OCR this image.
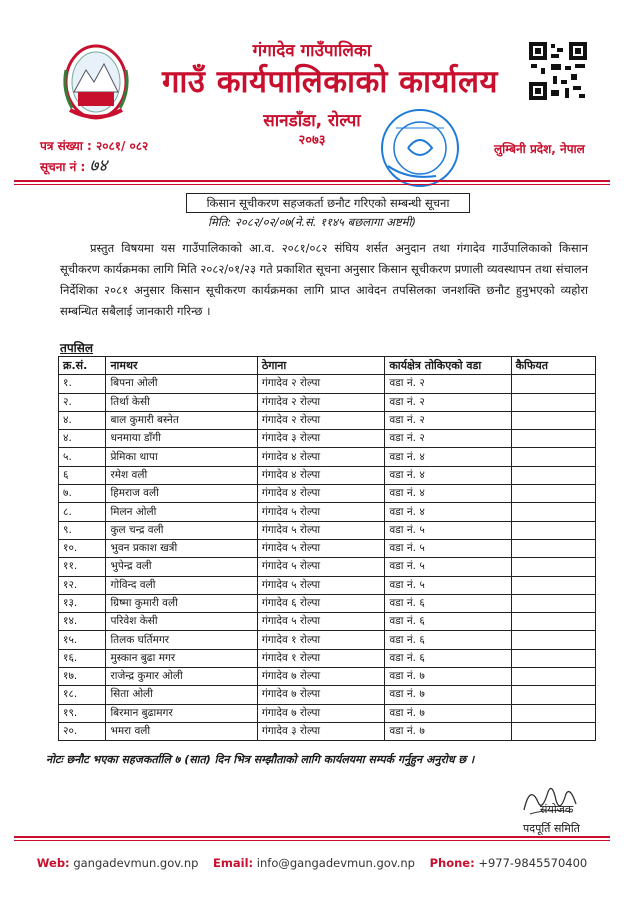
गंगादेव गाउँपालिका
गाउँ कार्यपालिकाको कार्यालय
सानडाँडा, रोल्पा
२०७३
पत्र संख्या : २०८१/ ०८२
सूचना नं : ७४
लुम्बिनी प्रदेश, नेपाल
किसान सूचीकरण सहजकर्ता छनौट गरिएको सम्बन्धी सूचना
मिति: २०८२/०२/०७(ने.सं. ११४५ बछलागा अष्टमी)
प्रस्तुत विषयमा यस गाउँपालिकाको आ.व. २०८१/०८२ संघिय शर्सत अनुदान तथा गंगादेव गाउँपालिकाको किसान सूचीकरण कार्यक्रमका लागि मिति २०८२/०१/२३ गते प्रकाशित सूचना अनुसार किसान सूचीकरण प्रणाली व्यवस्थापन तथा संचालन निर्देशिका २०८१ अनुसार किसान सूचीकरण कार्यक्रमका लागि प्राप्त आवेदन तपसिलका जनशक्ति छनौट हुनुभएको व्यहोरा सम्बन्धित सबैलाई जानकारी गरिन्छ ।
तपसिल
क्र.सं.	नामथर	ठेगाना	कार्यक्षेत्र तोकिएको वडा	कैफियत
१.	बिपना ओली	गंगादेव २ रोल्पा	वडा नं. २	
२.	तिर्था केसी	गंगादेव २ रोल्पा	वडा नं. २	
४.	बाल कुमारी बस्नेत	गंगादेव २ रोल्पा	वडा नं. २	
४.	धनमाया डाँगी	गंगादेव ३ रोल्पा	वडा नं. २	
५.	प्रेमिका थापा	गंगादेव ४ रोल्पा	वडा नं. ४	
६	रमेश वली	गंगादेव ४ रोल्पा	वडा नं. ४	
७.	हिमराज वली	गंगादेव ४ रोल्पा	वडा नं. ४	
८.	मिलन ओली	गंगादेव ५ रोल्पा	वडा नं. ४	
९.	कुल चन्द्र वली	गंगादेव ५ रोल्पा	वडा नं. ५	
१०.	भुवन प्रकाश खत्री	गंगादेव ५ रोल्पा	वडा नं. ५	
११.	भुपेन्द्र वली	गंगादेव ५ रोल्पा	वडा नं. ५	
१२.	गोविन्द वली	गंगादेव ५ रोल्पा	वडा नं. ५	
१३.	ग्रिष्मा कुमारी वली	गंगादेव ६ रोल्पा	वडा नं. ६	
१४.	परिवेश केसी	गंगादेव ५ रोल्पा	वडा नं. ६	
१५.	तिलक घर्तिमगर	गंगादेव १ रोल्पा	वडा नं. ६	
१६.	मुस्कान बुढा मगर	गंगादेव १ रोल्पा	वडा नं. ६	
१७.	राजेन्द्र कुमार ओली	गंगादेव ७ रोल्पा	वडा नं. ७	
१८.	सिता ओली	गंगादेव ७ रोल्पा	वडा नं. ७	
१९.	बिरमान बुढामगर	गंगादेव ७ रोल्पा	वडा नं. ७	
२०.	भमरा वली	गंगादेव ३ रोल्पा	वडा नं. ७	
नोटः छनौट भएका सहजकर्तालि ७ (सात) दिन भित्र सम्झौताको लागि कार्यलयमा सम्पर्क गर्नुहुन अनुरोध छ ।
संयोजक
पदपूर्ति समिति
Web: gangadevmun.gov.np Email: info@gangadevmun.gov.np Phone: +977-9845570400
